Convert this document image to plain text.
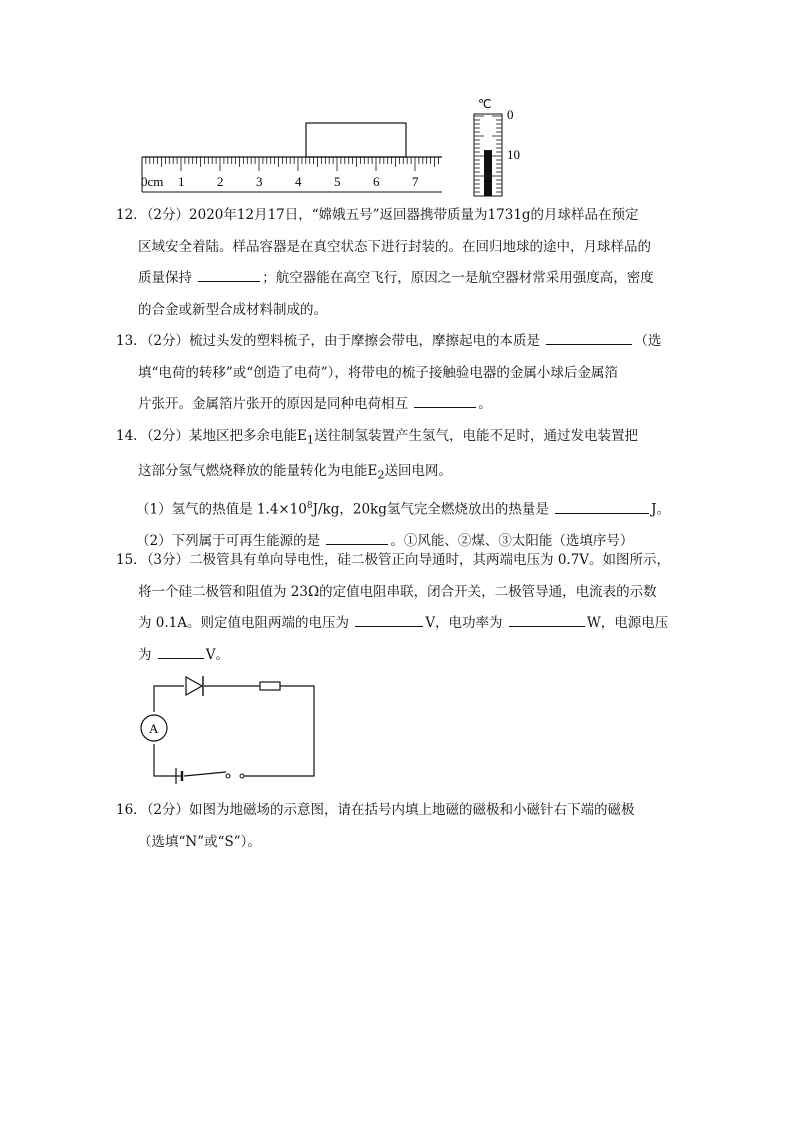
0cm 1	2	3	4	5	6	7
℃
0
10

12．（2分）2020年12月17日，“嫦娥五号”返回器携带质量为1731g的月球样品在预定

区域安全着陆。样品容器是在真空状态下进行封装的。在回归地球的途中，月球样品的

质量保持	；航空器能在高空飞行，原因之一是航空器材常采用强度高，密度

的合金或新型合成材料制成的。

13．（2分）梳过头发的塑料梳子，由于摩擦会带电，摩擦起电的本质是	（选

填“电荷的转移”或“创造了电荷”），将带电的梳子接触验电器的金属小球后金属箔

片张开。金属箔片张开的原因是同种电荷相互	。

14．（2分）某地区把多余电能$E_1$送往制氢装置产生氢气，电能不足时，通过发电装置把

这部分氢气燃烧释放的能量转化为电能$E_2$送回电网。

（1）氢气的热值是 $1.4\times 10^8J/kg$，20kg氢气完全燃烧放出的热量是	J。

（2）下列属于可再生能源的是	。①风能、②煤、③太阳能（选填序号）

15．（3分）二极管具有单向导电性，硅二极管正向导通时，其两端电压为 0.7V。如图所示，

将一个硅二极管和阻值为 23Ω的定值电阻串联，闭合开关，二极管导通，电流表的示数

为 0.1A。则定值电阻两端的电压为	V，电功率为	W，电源电压

为	V。

A

16．（2分）如图为地磁场的示意图，请在括号内填上地磁的磁极和小磁针右下端的磁极

（选填“N”或“S”）。
